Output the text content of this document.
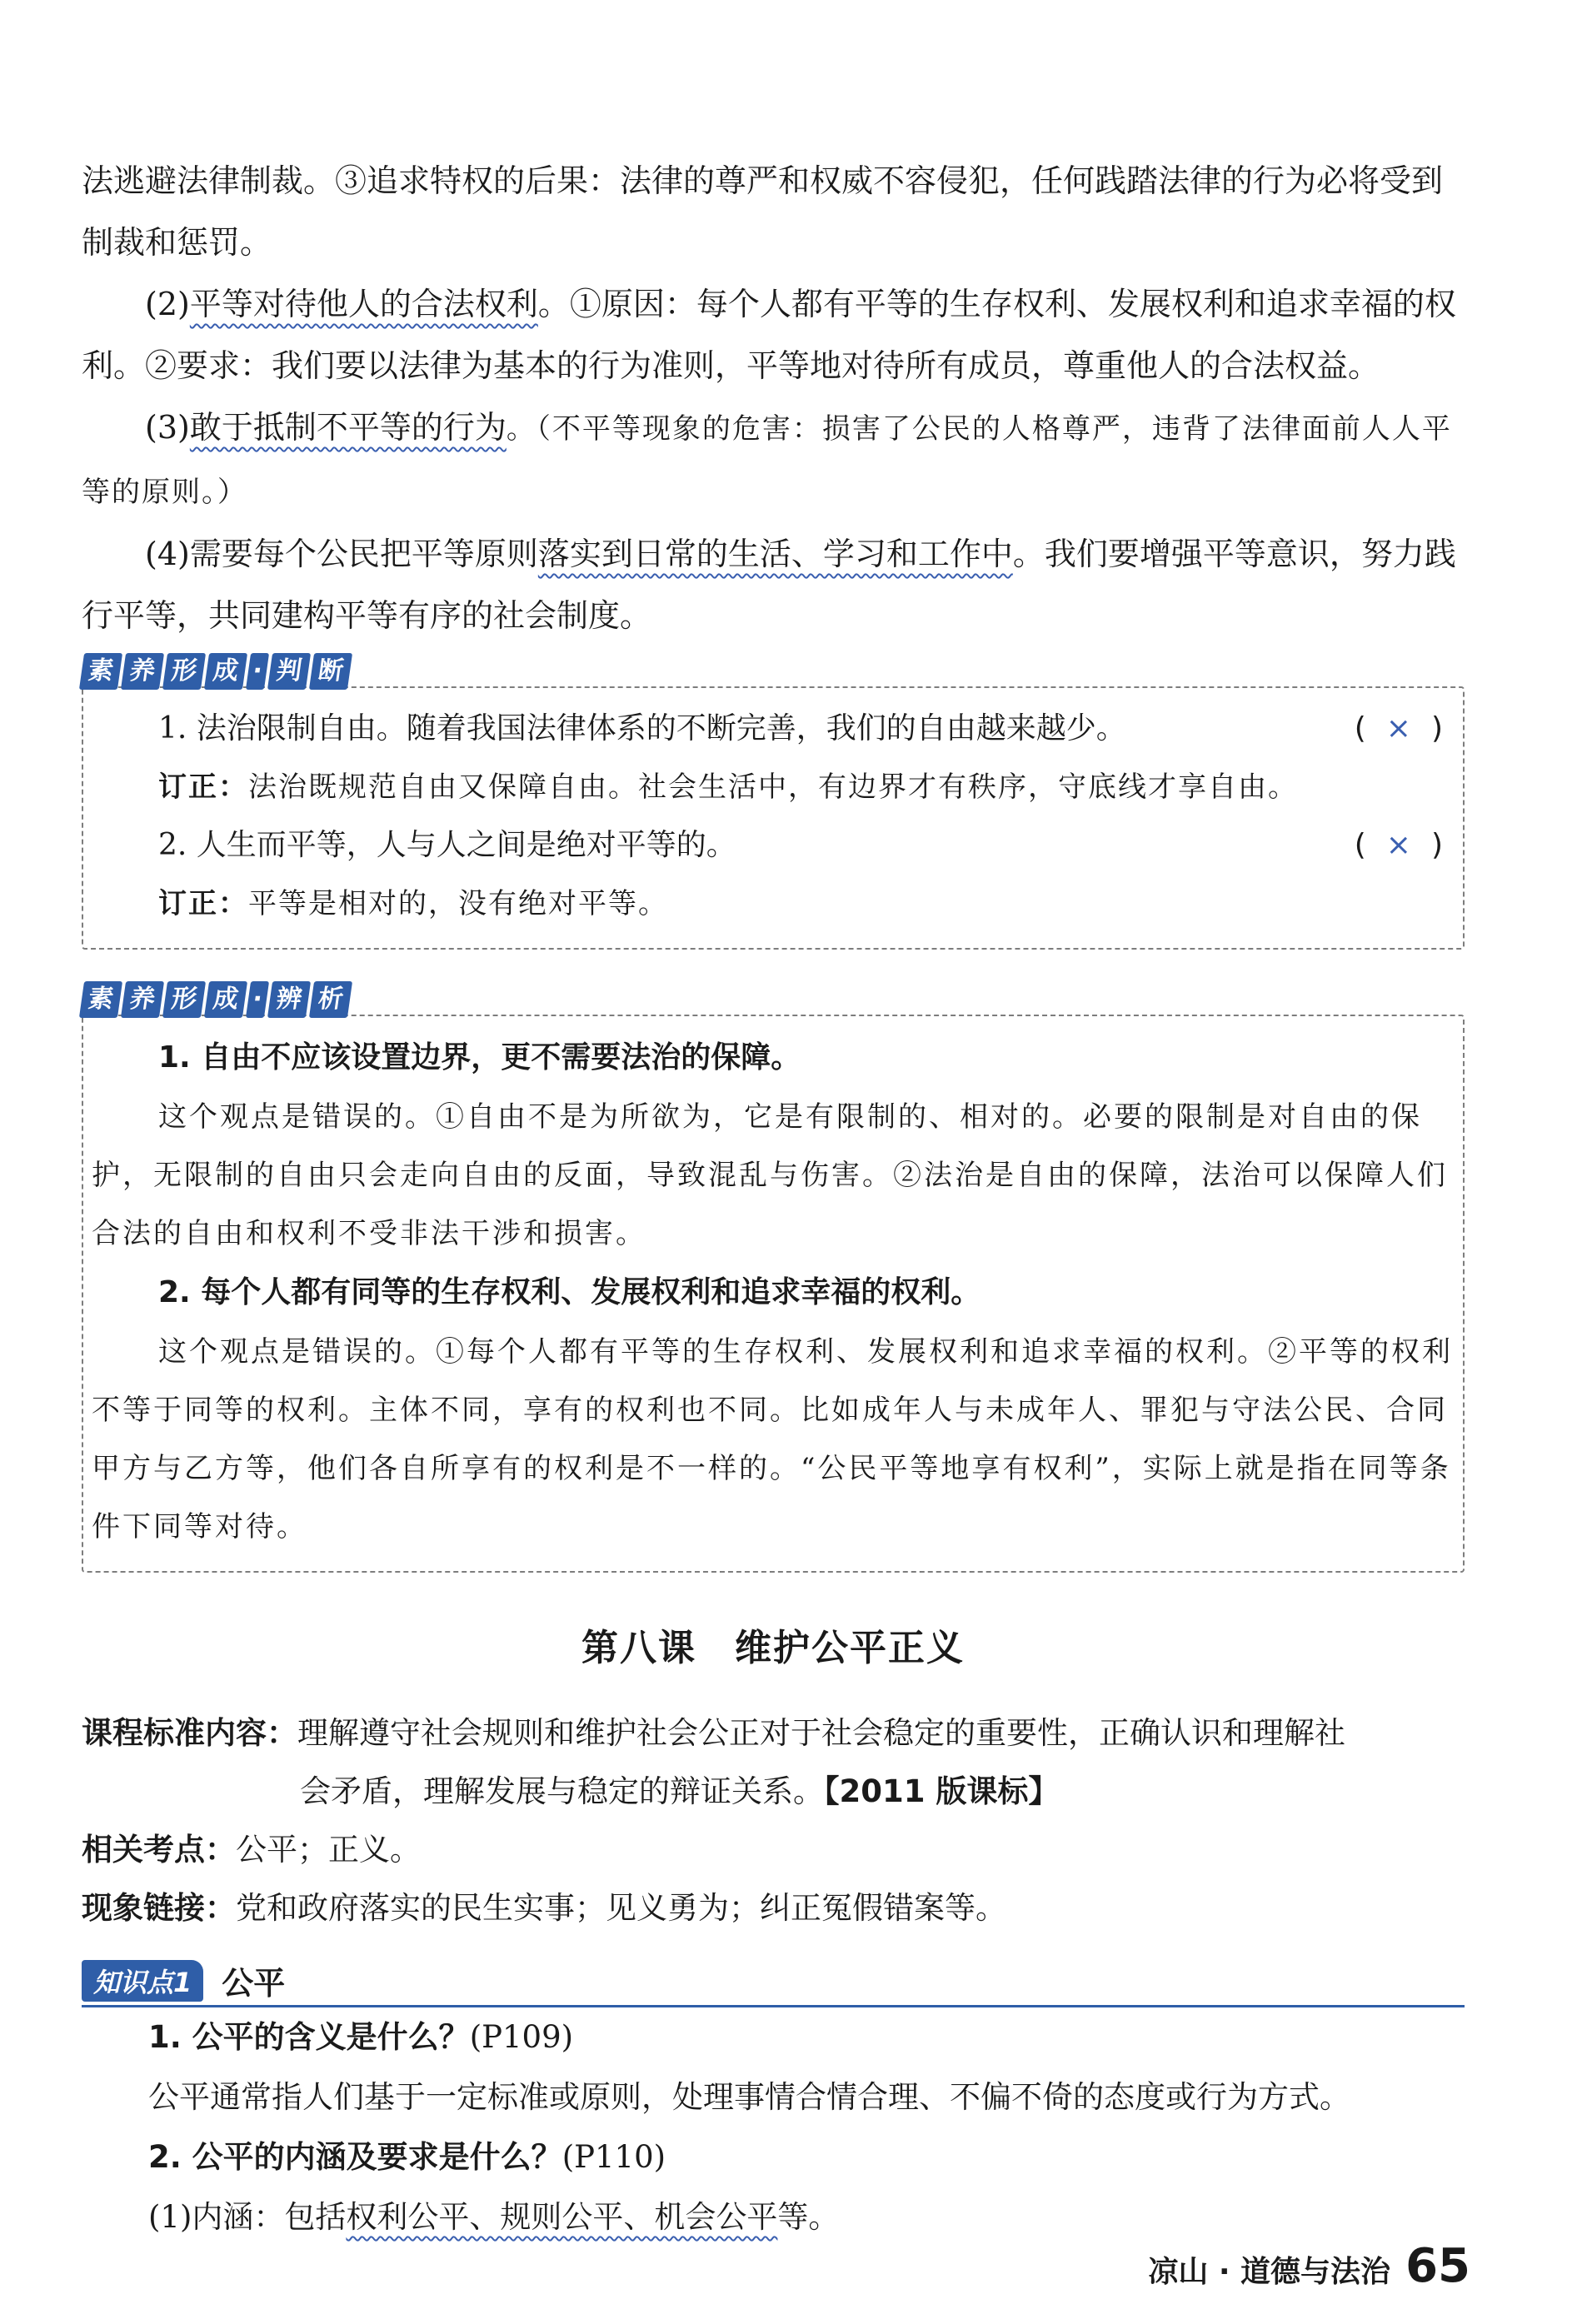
法逃避法律制裁。③追求特权的后果：法律的尊严和权威不容侵犯，任何践踏法律的行为必将受到制裁和惩罚。

(2)平等对待他人的合法权利。①原因：每个人都有平等的生存权利、发展权利和追求幸福的权利。②要求：我们要以法律为基本的行为准则，平等地对待所有成员，尊重他人的合法权益。

(3)敢于抵制不平等的行为。（不平等现象的危害：损害了公民的人格尊严，违背了法律面前人人平等的原则。）

(4)需要每个公民把平等原则落实到日常的生活、学习和工作中。我们要增强平等意识，努力践行平等，共同建构平等有序的社会制度。

素 养 形 成 · 判 断
1. 法治限制自由。随着我国法律体系的不断完善，我们的自由越来越少。	( × )
订正：法治既规范自由又保障自由。社会生活中，有边界才有秩序，守底线才享自由。
2. 人生而平等，人与人之间是绝对平等的。	( × )
订正：平等是相对的，没有绝对平等。
素 养 形 成 · 辨 析
1. 自由不应该设置边界，更不需要法治的保障。

这个观点是错误的。①自由不是为所欲为，它是有限制的、相对的。必要的限制是对自由的保护，无限制的自由只会走向自由的反面，导致混乱与伤害。②法治是自由的保障，法治可以保障人们合法的自由和权利不受非法干涉和损害。

2. 每个人都有同等的生存权利、发展权利和追求幸福的权利。

这个观点是错误的。①每个人都有平等的生存权利、发展权利和追求幸福的权利。②平等的权利不等于同等的权利。主体不同，享有的权利也不同。比如成年人与未成年人、罪犯与守法公民、合同甲方与乙方等，他们各自所享有的权利是不一样的。“公民平等地享有权利”，实际上就是指在同等条件下同等对待。

第八课　维护公平正义

课程标准内容：理解遵守社会规则和维护社会公正对于社会稳定的重要性，正确认识和理解社

会矛盾，理解发展与稳定的辩证关系。【2011 版课标】

相关考点：公平；正义。

现象链接：党和政府落实的民生实事；见义勇为；纠正冤假错案等。

知识点1 公平

1. 公平的含义是什么？(P109)

公平通常指人们基于一定标准或原则，处理事情合情合理、不偏不倚的态度或行为方式。

2. 公平的内涵及要求是什么？(P110)

(1)内涵：包括权利公平、规则公平、机会公平等。

凉山 · 道德与法治 65
